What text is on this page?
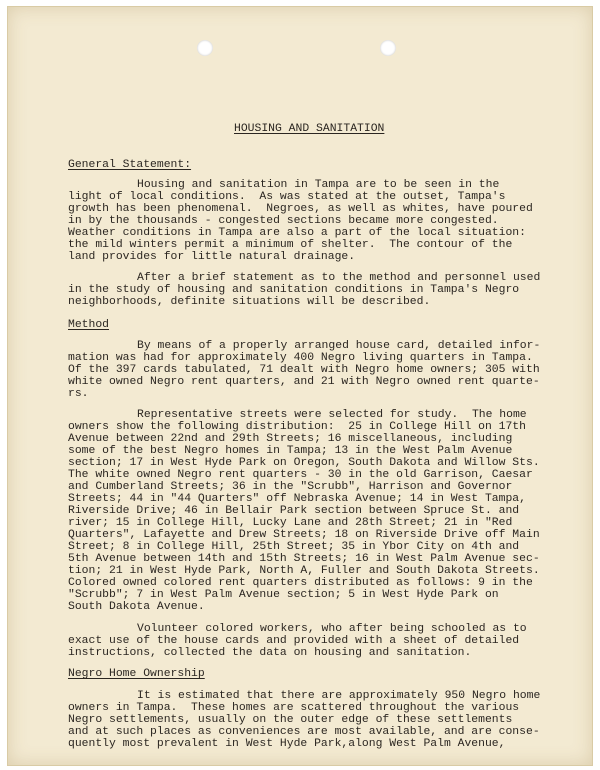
HOUSING AND SANITATION
General Statement:
Housing and sanitation in Tampa are to be seen in the
light of local conditions.  As was stated at the outset, Tampa's
growth has been phenomenal.  Negroes, as well as whites, have poured
in by the thousands - congested sections became more congested.
Weather conditions in Tampa are also a part of the local situation:
the mild winters permit a minimum of shelter.  The contour of the
land provides for little natural drainage.
After a brief statement as to the method and personnel used
in the study of housing and sanitation conditions in Tampa's Negro
neighborhoods, definite situations will be described.
Method
By means of a properly arranged house card, detailed infor-
mation was had for approximately 400 Negro living quarters in Tampa.
Of the 397 cards tabulated, 71 dealt with Negro home owners; 305 with
white owned Negro rent quarters, and 21 with Negro owned rent quarte-
rs.
Representative streets were selected for study.  The home
owners show the following distribution:  25 in College Hill on 17th
Avenue between 22nd and 29th Streets; 16 miscellaneous, including
some of the best Negro homes in Tampa; 13 in the West Palm Avenue
section; 17 in West Hyde Park on Oregon, South Dakota and Willow Sts.
The white owned Negro rent quarters - 30 in the old Garrison, Caesar
and Cumberland Streets; 36 in the "Scrubb", Harrison and Governor
Streets; 44 in "44 Quarters" off Nebraska Avenue; 14 in West Tampa,
Riverside Drive; 46 in Bellair Park section between Spruce St. and
river; 15 in College Hill, Lucky Lane and 28th Street; 21 in "Red
Quarters", Lafayette and Drew Streets; 18 on Riverside Drive off Main
Street; 8 in College Hill, 25th Street; 35 in Ybor City on 4th and
5th Avenue between 14th and 15th Streets; 16 in West Palm Avenue sec-
tion; 21 in West Hyde Park, North A, Fuller and South Dakota Streets.
Colored owned colored rent quarters distributed as follows: 9 in the
"Scrubb"; 7 in West Palm Avenue section; 5 in West Hyde Park on
South Dakota Avenue.
Volunteer colored workers, who after being schooled as to
exact use of the house cards and provided with a sheet of detailed
instructions, collected the data on housing and sanitation.
Negro Home Ownership
It is estimated that there are approximately 950 Negro home
owners in Tampa.  These homes are scattered throughout the various
Negro settlements, usually on the outer edge of these settlements
and at such places as conveniences are most available, and are conse-
quently most prevalent in West Hyde Park,along West Palm Avenue,
